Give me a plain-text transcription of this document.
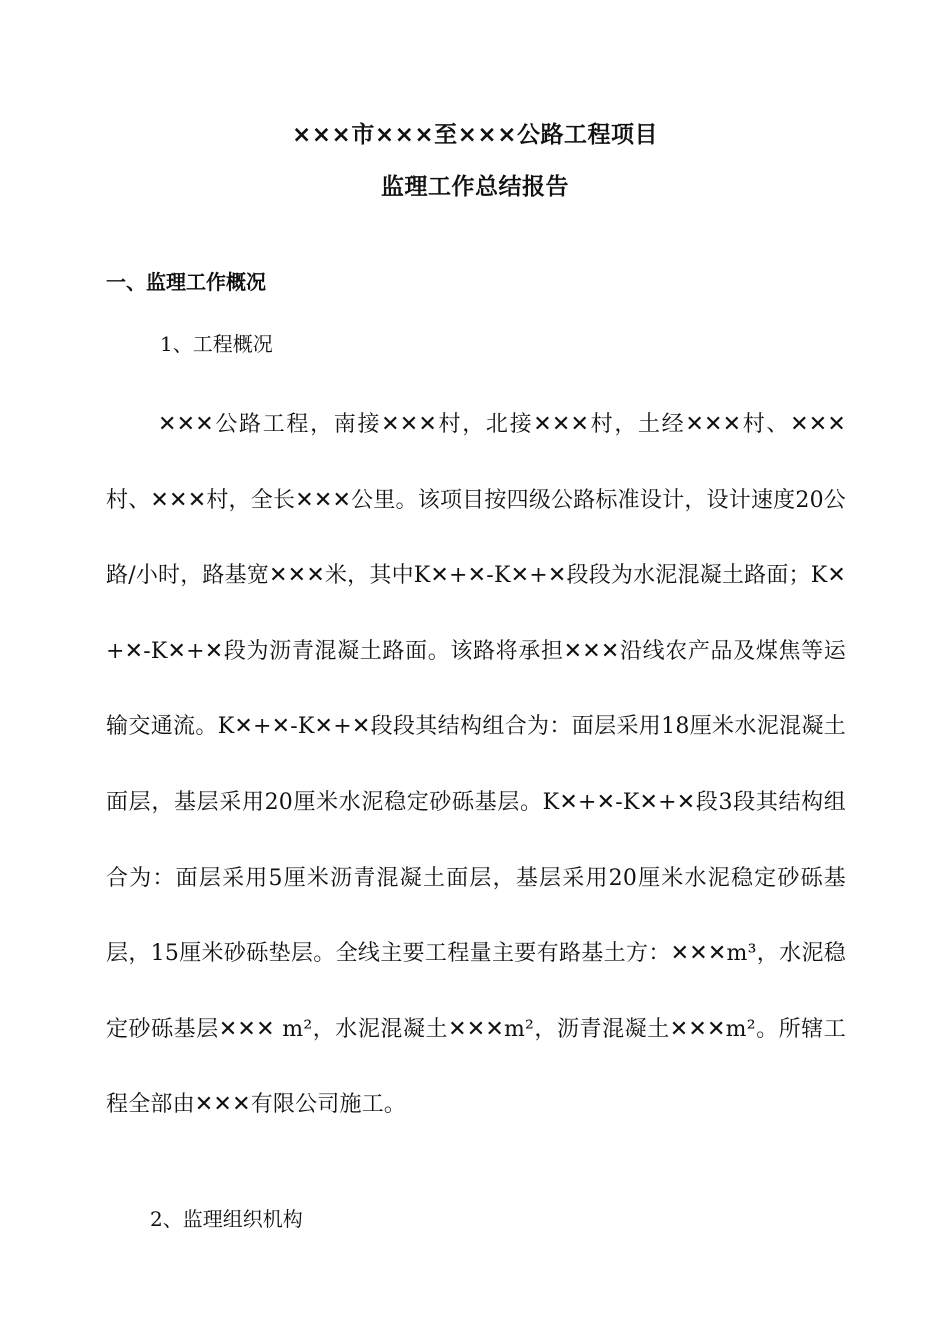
×××市×××至×××公路工程项目
监理工作总结报告
一、监理工作概况
1、工程概况

✕✕✕公路工程，南接✕✕✕村，北接✕✕✕村，土经✕✕✕村、✕✕✕村、✕✕✕村，全长✕✕✕公里。该项目按四级公路标准设计，设计速度20公路/小时，路基宽✕✕✕米，其中K✕+✕-K✕+✕段段为水泥混凝土路面；K✕+✕-K✕+✕段为沥青混凝土路面。该路将承担✕✕✕沿线农产品及煤焦等运输交通流。K✕+✕-K✕+✕段段其结构组合为：面层采用18厘米水泥混凝土面层，基层采用20厘米水泥稳定砂砾基层。K✕+✕-K✕+✕段3段其结构组合为：面层采用5厘米沥青混凝土面层，基层采用20厘米水泥稳定砂砾基层，15厘米砂砾垫层。全线主要工程量主要有路基土方：✕✕✕m³，水泥稳定砂砾基层✕✕✕ m²，水泥混凝土✕✕✕m²，沥青混凝土✕✕✕m²。所辖工程全部由✕✕✕有限公司施工。

2、监理组织机构
